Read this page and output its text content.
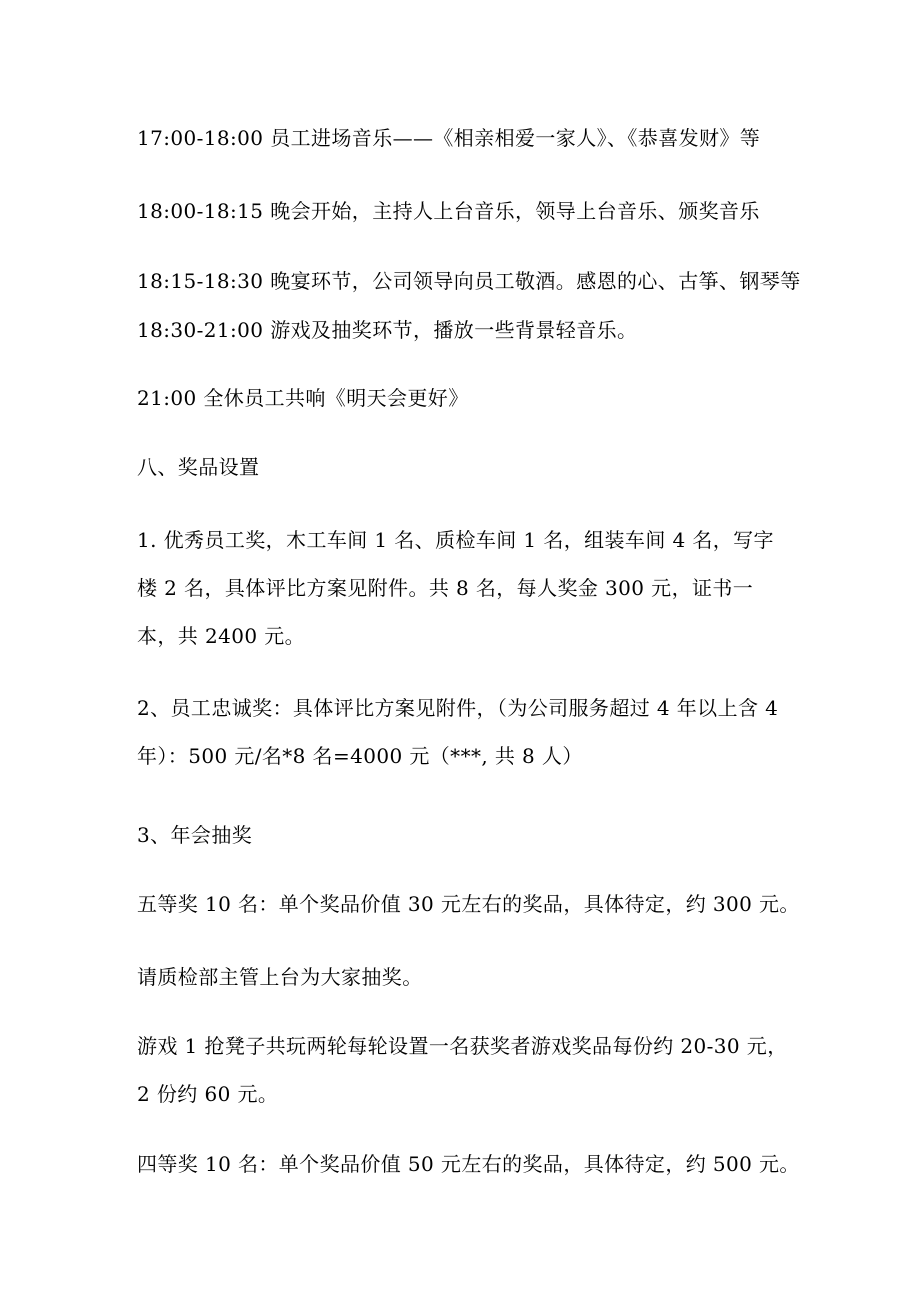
17:00-18:00 员工进场音乐——《相亲相爱一家人》、《恭喜发财》等
18:00-18:15 晚会开始，主持人上台音乐，领导上台音乐、颁奖音乐
18:15-18:30 晚宴环节，公司领导向员工敬酒。感恩的心、古筝、钢琴等
18:30-21:00 游戏及抽奖环节，播放一些背景轻音乐。
21:00 全休员工共响《明天会更好》
八、奖品设置
1. 优秀员工奖，木工车间 1 名、质检车间 1 名，组装车间 4 名，写字楼 2 名，具体评比方案见附件。共 8 名，每人奖金 300 元，证书一本，共 2400 元。
2、员工忠诚奖：具体评比方案见附件，（为公司服务超过 4 年以上含 4 年）：500 元/名*8 名=4000 元（***, 共 8 人）
3、年会抽奖
五等奖 10 名：单个奖品价值 30 元左右的奖品，具体待定，约 300 元。
请质检部主管上台为大家抽奖。
游戏 1 抢凳子共玩两轮每轮设置一名获奖者游戏奖品每份约 20-30 元，
2 份约 60 元。
四等奖 10 名：单个奖品价值 50 元左右的奖品，具体待定，约 500 元。
